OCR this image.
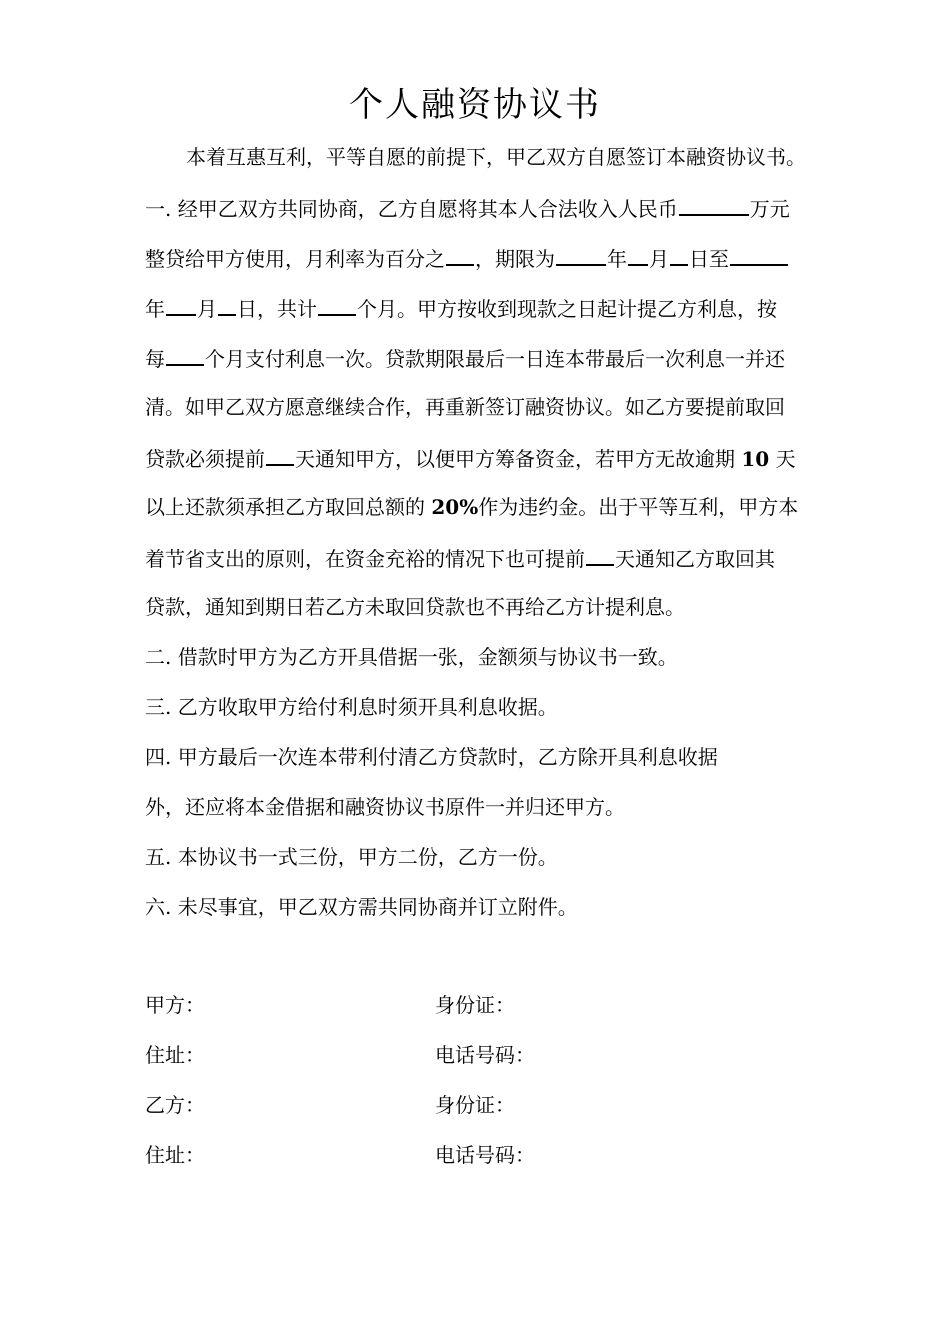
个人融资协议书
本着互惠互利，平等自愿的前提下，甲乙双方自愿签订本融资协议书。
一. 经甲乙双方共同协商，乙方自愿将其本人合法收入人民币	万元
整贷给甲方使用，月利率为百分之 ，期限为	年 月 日至
年 月 日，共计 个月。甲方按收到现款之日起计提乙方利息，按
每 个月支付利息一次。贷款期限最后一日连本带最后一次利息一并还
清。如甲乙双方愿意继续合作，再重新签订融资协议。如乙方要提前取回
贷款必须提前 天通知甲方，以便甲方筹备资金，若甲方无故逾期 10 天
以上还款须承担乙方取回总额的 20%作为违约金。出于平等互利，甲方本
着节省支出的原则，在资金充裕的情况下也可提前 天通知乙方取回其
贷款，通知到期日若乙方未取回贷款也不再给乙方计提利息。
二. 借款时甲方为乙方开具借据一张，金额须与协议书一致。
三. 乙方收取甲方给付利息时须开具利息收据。
四. 甲方最后一次连本带利付清乙方贷款时，乙方除开具利息收据
外，还应将本金借据和融资协议书原件一并归还甲方。
五. 本协议书一式三份，甲方二份，乙方一份。
六. 未尽事宜，甲乙双方需共同协商并订立附件。
甲方：	身份证：
住址：	电话号码：
乙方：	身份证：
住址：	电话号码：
